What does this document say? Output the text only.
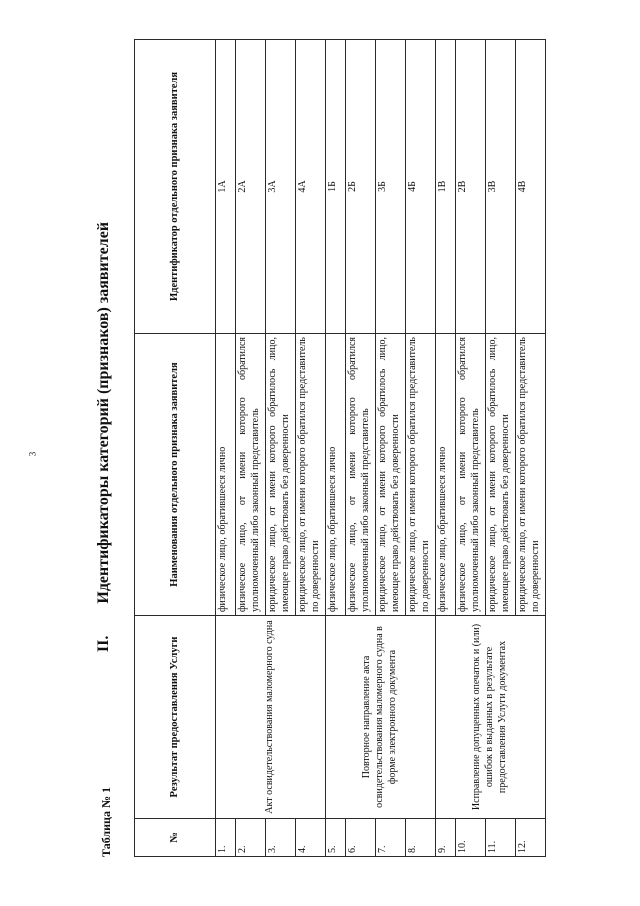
3
Таблица № 1
II.Идентификаторы категорий (признаков) заявителей
№	Результат предоставления Услуги	Наименования отдельного признака заявителя	Идентификатор отдельного признака заявителя
1.	Акт освидетельствования маломерного судна	физическое лицо, обратившееся лично	1А
2.		физическое лицо, от имени которого обратился уполномоченный либо законный представитель	2А
3.		юридическое лицо, от имени которого обратилось лицо, имеющее право действовать без доверенности	3А
4.		юридическое лицо, от имени которого обратился представитель по доверенности	4А
5.	Повторное направление акта освидетельствования маломерного судна в форме электронного документа	физическое лицо, обратившееся лично	1Б
6.		физическое лицо, от имени которого обратился уполномоченный либо законный представитель	2Б
7.		юридическое лицо, от имени которого обратилось лицо, имеющее право действовать без доверенности	3Б
8.		юридическое лицо, от имени которого обратился представитель по доверенности	4Б
9.	Исправление допущенных опечаток и (или) ошибок в выданных в результате предоставления Услуги документах	физическое лицо, обратившееся лично	1В
10.		физическое лицо, от имени которого обратился уполномоченный либо законный представитель	2В
11.		юридическое лицо, от имени которого обратилось лицо, имеющее право действовать без доверенности	3В
12.		юридическое лицо, от имени которого обратился представитель по доверенности	4В
